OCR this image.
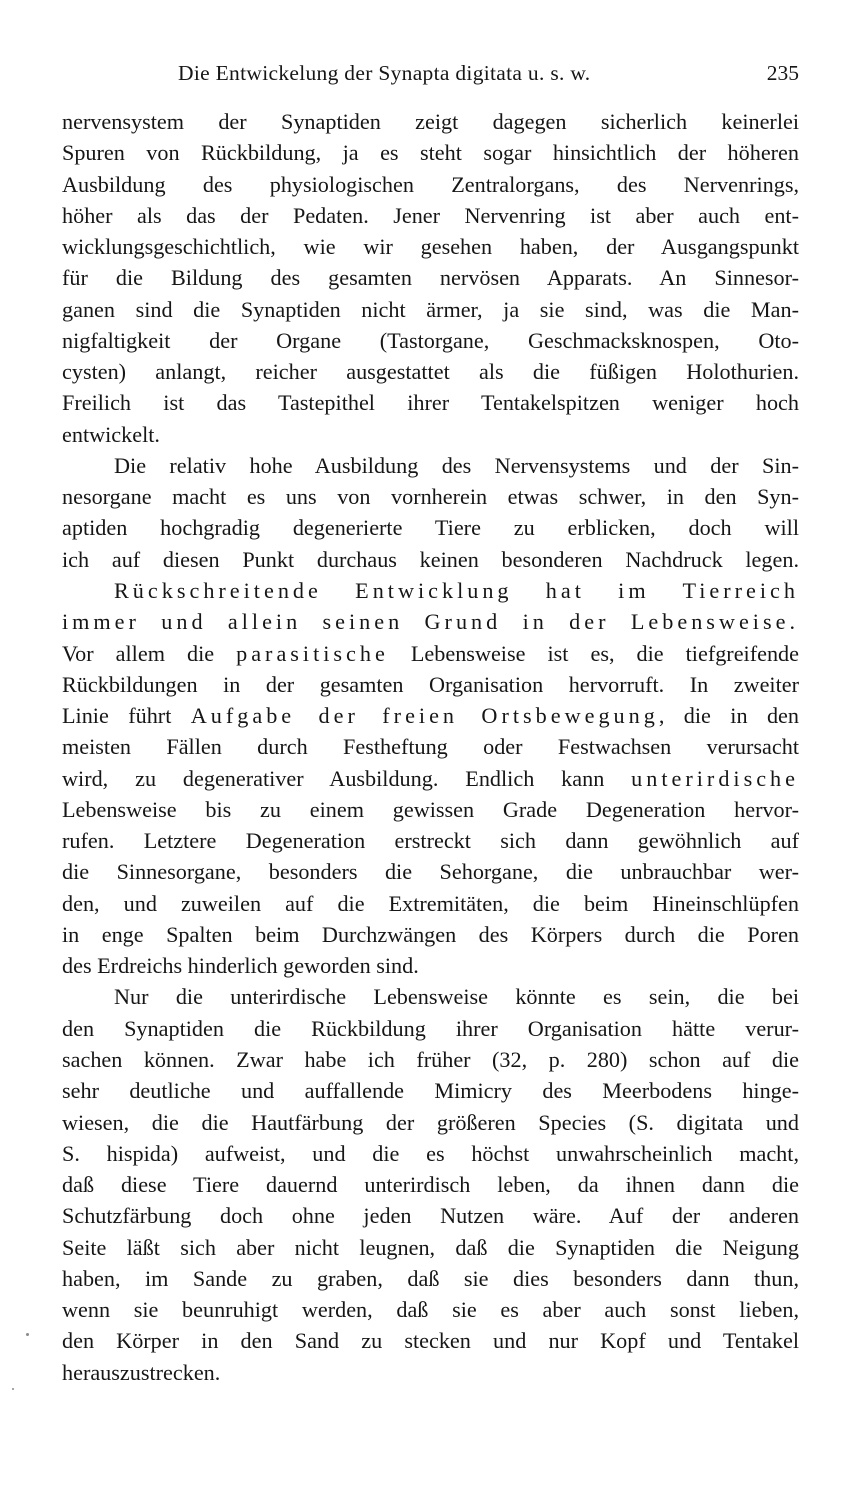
Die Entwickelung der Synapta digitata u. s. w.	235
nervensystem der Synaptiden zeigt dagegen sicherlich keinerlei
Spuren von Rückbildung, ja es steht sogar hinsichtlich der höheren
Ausbildung des physiologischen Zentralorgans, des Nervenrings,
höher als das der Pedaten. Jener Nervenring ist aber auch ent-
wicklungsgeschichtlich, wie wir gesehen haben, der Ausgangspunkt
für die Bildung des gesamten nervösen Apparats. An Sinnesor-
ganen sind die Synaptiden nicht ärmer, ja sie sind, was die Man-
nigfaltigkeit der Organe (Tastorgane, Geschmacksknospen, Oto-
cysten) anlangt, reicher ausgestattet als die füßigen Holothurien.
Freilich ist das Tastepithel ihrer Tentakelspitzen weniger hoch
entwickelt.
Die relativ hohe Ausbildung des Nervensystems und der Sin-
nesorgane macht es uns von vornherein etwas schwer, in den Syn-
aptiden hochgradig degenerierte Tiere zu erblicken, doch will
ich auf diesen Punkt durchaus keinen besonderen Nachdruck legen.
Rückschreitende Entwicklung hat im Tierreich
immer und allein seinen Grund in der Lebensweise.
Vor allem die parasitische Lebensweise ist es, die tiefgreifende
Rückbildungen in der gesamten Organisation hervorruft. In zweiter
Linie führt Aufgabe der freien Ortsbewegung, die in den
meisten Fällen durch Festheftung oder Festwachsen verursacht
wird, zu degenerativer Ausbildung. Endlich kann unterirdische
Lebensweise bis zu einem gewissen Grade Degeneration hervor-
rufen. Letztere Degeneration erstreckt sich dann gewöhnlich auf
die Sinnesorgane, besonders die Sehorgane, die unbrauchbar wer-
den, und zuweilen auf die Extremitäten, die beim Hineinschlüpfen
in enge Spalten beim Durchzwängen des Körpers durch die Poren
des Erdreichs hinderlich geworden sind.
Nur die unterirdische Lebensweise könnte es sein, die bei
den Synaptiden die Rückbildung ihrer Organisation hätte verur-
sachen können. Zwar habe ich früher (32, p. 280) schon auf die
sehr deutliche und auffallende Mimicry des Meerbodens hinge-
wiesen, die die Hautfärbung der größeren Species (S. digitata und
S. hispida) aufweist, und die es höchst unwahrscheinlich macht,
daß diese Tiere dauernd unterirdisch leben, da ihnen dann die
Schutzfärbung doch ohne jeden Nutzen wäre. Auf der anderen
Seite läßt sich aber nicht leugnen, daß die Synaptiden die Neigung
haben, im Sande zu graben, daß sie dies besonders dann thun,
wenn sie beunruhigt werden, daß sie es aber auch sonst lieben,
den Körper in den Sand zu stecken und nur Kopf und Tentakel
herauszustrecken.
